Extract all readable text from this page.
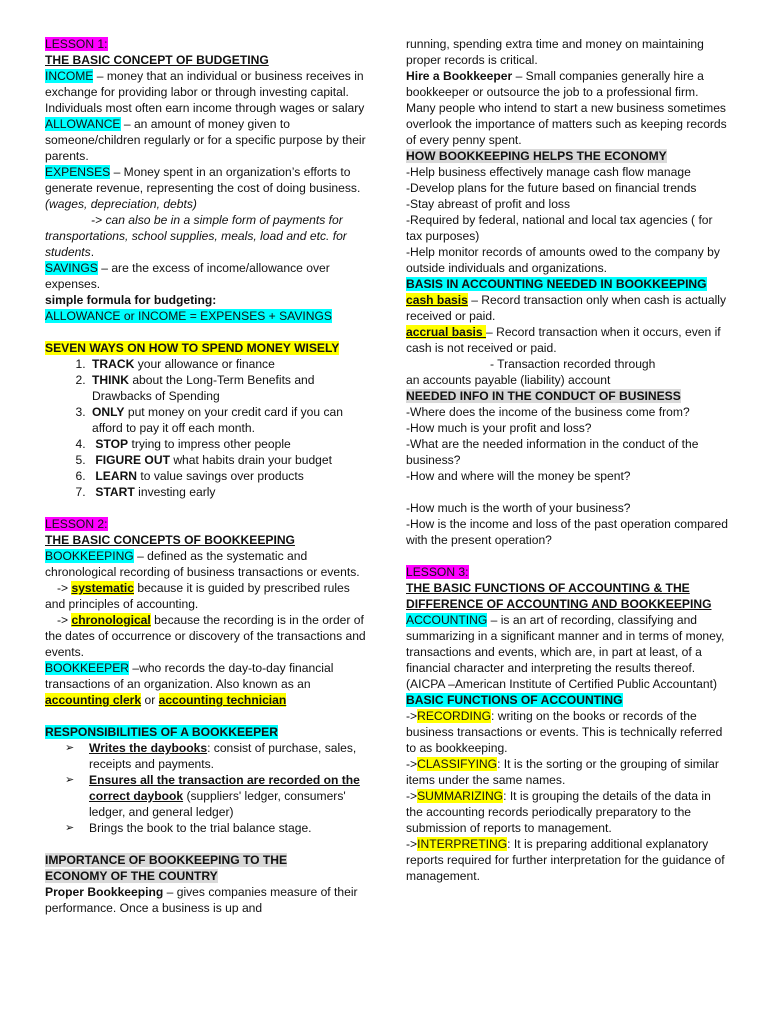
LESSON 1:

THE BASIC CONCEPT OF BUDGETING

INCOME – money that an individual or business receives in exchange for providing labor or through investing capital. Individuals most often earn income through wages or salary

ALLOWANCE – an amount of money given to someone/children regularly or for a specific purpose by their parents.

EXPENSES – Money spent in an organization’s efforts to generate revenue, representing the cost of doing business. (wages, depreciation, debts)

-> can also be in a simple form of payments for transportations, school supplies, meals, load and etc. for students.

SAVINGS – are the excess of income/allowance over expenses.

simple formula for budgeting:

ALLOWANCE or INCOME = EXPENSES + SAVINGS

SEVEN WAYS ON HOW TO SPEND MONEY WISELY

1. TRACK your allowance or finance
2. THINK about the Long-Term Benefits and Drawbacks of Spending
3. ONLY put money on your credit card if you can afford to pay it off each month.
4. STOP trying to impress other people
5. FIGURE OUT what habits drain your budget
6. LEARN to value savings over products
7. START investing early

LESSON 2:

THE BASIC CONCEPTS OF BOOKKEEPING

BOOKKEEPING – defined as the systematic and chronological recording of business transactions or events.

-> systematic because it is guided by prescribed rules and principles of accounting.

-> chronological because the recording is in the order of the dates of occurrence or discovery of the transactions and events.

BOOKKEEPER –who records the day-to-day financial transactions of an organization. Also known as an accounting clerk or accounting technician

RESPONSIBILITIES OF A BOOKKEEPER

➢ Writes the daybooks: consist of purchase, sales, receipts and payments.
➢ Ensures all the transaction are recorded on the correct daybook (suppliers' ledger, consumers' ledger, and general ledger)
➢ Brings the book to the trial balance stage.

IMPORTANCE OF BOOKKEEPING TO THE ECONOMY OF THE COUNTRY

Proper Bookkeeping – gives companies measure of their performance. Once a business is up and

running, spending extra time and money on maintaining proper records is critical.

Hire a Bookkeeper – Small companies generally hire a bookkeeper or outsource the job to a professional firm. Many people who intend to start a new business sometimes overlook the importance of matters such as keeping records of every penny spent.

HOW BOOKKEEPING HELPS THE ECONOMY

-Help business effectively manage cash flow manage

-Develop plans for the future based on financial trends

-Stay abreast of profit and loss

-Required by federal, national and local tax agencies ( for tax purposes)

-Help monitor records of amounts owed to the company by outside individuals and organizations.

BASIS IN ACCOUNTING NEEDED IN BOOKKEEPING

cash basis – Record transaction only when cash is actually received or paid.

accrual basis – Record transaction when it occurs, even if cash is not received or paid.

- Transaction recorded through

an accounts payable (liability) account

NEEDED INFO IN THE CONDUCT OF BUSINESS

-Where does the income of the business come from?

-How much is your profit and loss?

-What are the needed information in the conduct of the business?

-How and where will the money be spent?

-How much is the worth of your business?

-How is the income and loss of the past operation compared with the present operation?

LESSON 3:

THE BASIC FUNCTIONS OF ACCOUNTING & THE DIFFERENCE OF ACCOUNTING AND BOOKKEEPING

ACCOUNTING – is an art of recording, classifying and summarizing in a significant manner and in terms of money, transactions and events, which are, in part at least, of a financial character and interpreting the results thereof. (AICPA –American Institute of Certified Public Accountant)

BASIC FUNCTIONS OF ACCOUNTING

->RECORDING: writing on the books or records of the business transactions or events. This is technically referred to as bookkeeping.

->CLASSIFYING: It is the sorting or the grouping of similar items under the same names.

->SUMMARIZING: It is grouping the details of the data in the accounting records periodically preparatory to the submission of reports to management.

->INTERPRETING: It is preparing additional explanatory reports required for further interpretation for the guidance of management.
